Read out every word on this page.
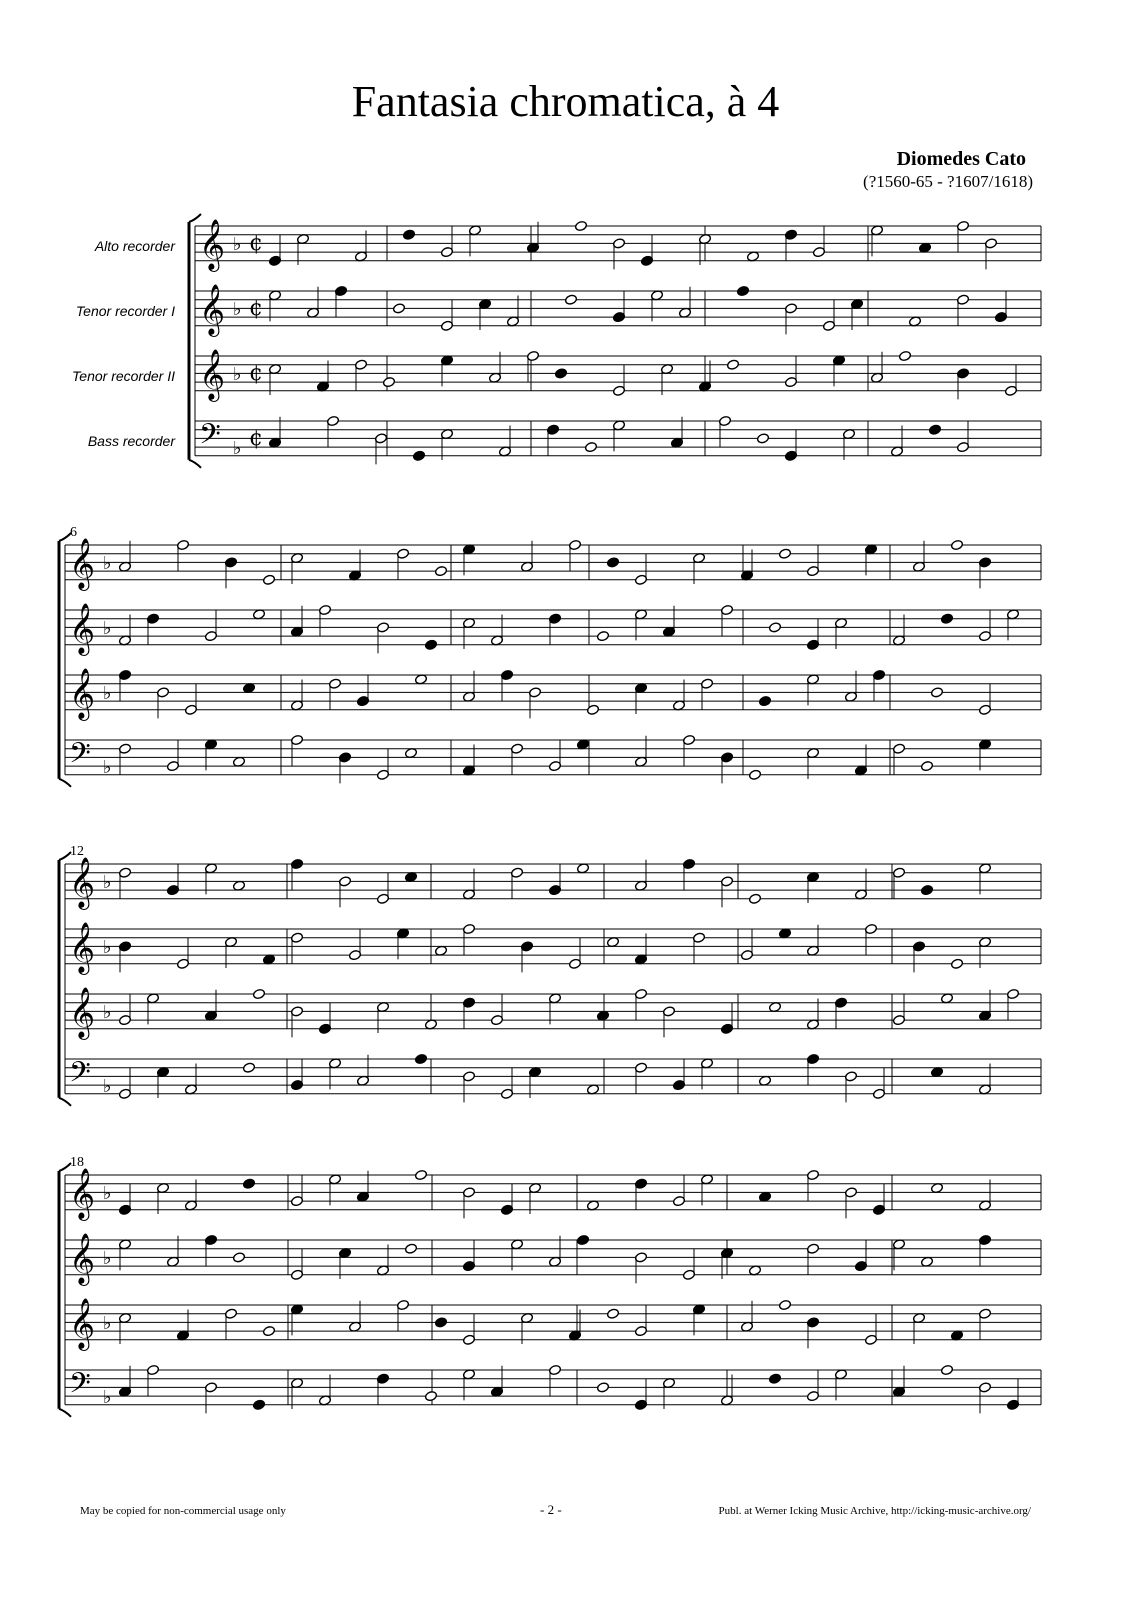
Fantasia chromatica, à 4
Diomedes Cato
(?1560-65 - ?1607/1618)
Alto recorder
Tenor recorder I
Tenor recorder II
Bass recorder
𝄞 ♭ ¢
𝄞 ♭ ¢
𝄞 ♭ ¢
𝄢 ♭ ¢
𝄞 ♭
𝄞 ♭
𝄞 ♭
𝄢 ♭
𝄞 ♭
𝄞 ♭
𝄞 ♭
𝄢 ♭
𝄞 ♭
𝄞 ♭
𝄞 ♭
𝄢 ♭
6
12
18
May be copied for non-commercial usage only	- 2 -	Publ. at Werner Icking Music Archive, http://icking-music-archive.org/
